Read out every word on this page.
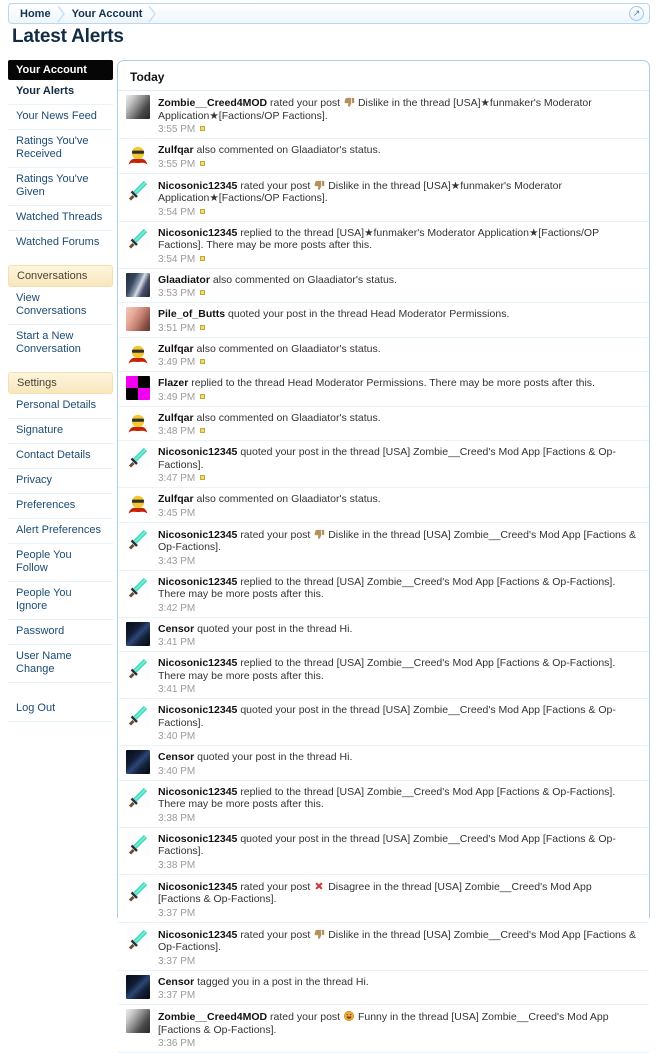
Home	Your Account	↗
Latest Alerts
Your Account
Your Alerts
Your News Feed
Ratings You've Received
Ratings You've Given
Watched Threads
Watched Forums
Conversations
View Conversations
Start a New Conversation
Settings
Personal Details
Signature
Contact Details
Privacy
Preferences
Alert Preferences
People You Follow
People You Ignore
Password
User Name Change
Log Out
Today
Zombie__Creed4MOD rated your post Dislike in the thread [USA]★funmaker's Moderator Application★[Factions/OP Factions].
3:55 PM
Zulfqar also commented on Glaadiator's status.
3:55 PM
Nicosonic12345 rated your post Dislike in the thread [USA]★funmaker's Moderator Application★[Factions/OP Factions].
3:54 PM
Nicosonic12345 replied to the thread [USA]★funmaker's Moderator Application★[Factions/OP Factions]. There may be more posts after this.
3:54 PM
Glaadiator also commented on Glaadiator's status.
3:53 PM
Pile_of_Butts quoted your post in the thread Head Moderator Permissions.
3:51 PM
Zulfqar also commented on Glaadiator's status.
3:49 PM
Flazer replied to the thread Head Moderator Permissions. There may be more posts after this.
3:49 PM
Zulfqar also commented on Glaadiator's status.
3:48 PM
Nicosonic12345 quoted your post in the thread [USA] Zombie__Creed's Mod App [Factions & Op-Factions].
3:47 PM
Zulfqar also commented on Glaadiator's status.
3:45 PM
Nicosonic12345 rated your post Dislike in the thread [USA] Zombie__Creed's Mod App [Factions & Op-Factions].
3:43 PM
Nicosonic12345 replied to the thread [USA] Zombie__Creed's Mod App [Factions & Op-Factions]. There may be more posts after this.
3:42 PM
Censor quoted your post in the thread Hi.
3:41 PM
Nicosonic12345 replied to the thread [USA] Zombie__Creed's Mod App [Factions & Op-Factions]. There may be more posts after this.
3:41 PM
Nicosonic12345 quoted your post in the thread [USA] Zombie__Creed's Mod App [Factions & Op-Factions].
3:40 PM
Censor quoted your post in the thread Hi.
3:40 PM
Nicosonic12345 replied to the thread [USA] Zombie__Creed's Mod App [Factions & Op-Factions]. There may be more posts after this.
3:38 PM
Nicosonic12345 quoted your post in the thread [USA] Zombie__Creed's Mod App [Factions & Op-Factions].
3:38 PM
Nicosonic12345 rated your post Disagree in the thread [USA] Zombie__Creed's Mod App [Factions & Op-Factions].
3:37 PM
Nicosonic12345 rated your post Dislike in the thread [USA] Zombie__Creed's Mod App [Factions & Op-Factions].
3:37 PM
Censor tagged you in a post in the thread Hi.
3:37 PM
Zombie__Creed4MOD rated your post Funny in the thread [USA] Zombie__Creed's Mod App [Factions & Op-Factions].
3:36 PM
